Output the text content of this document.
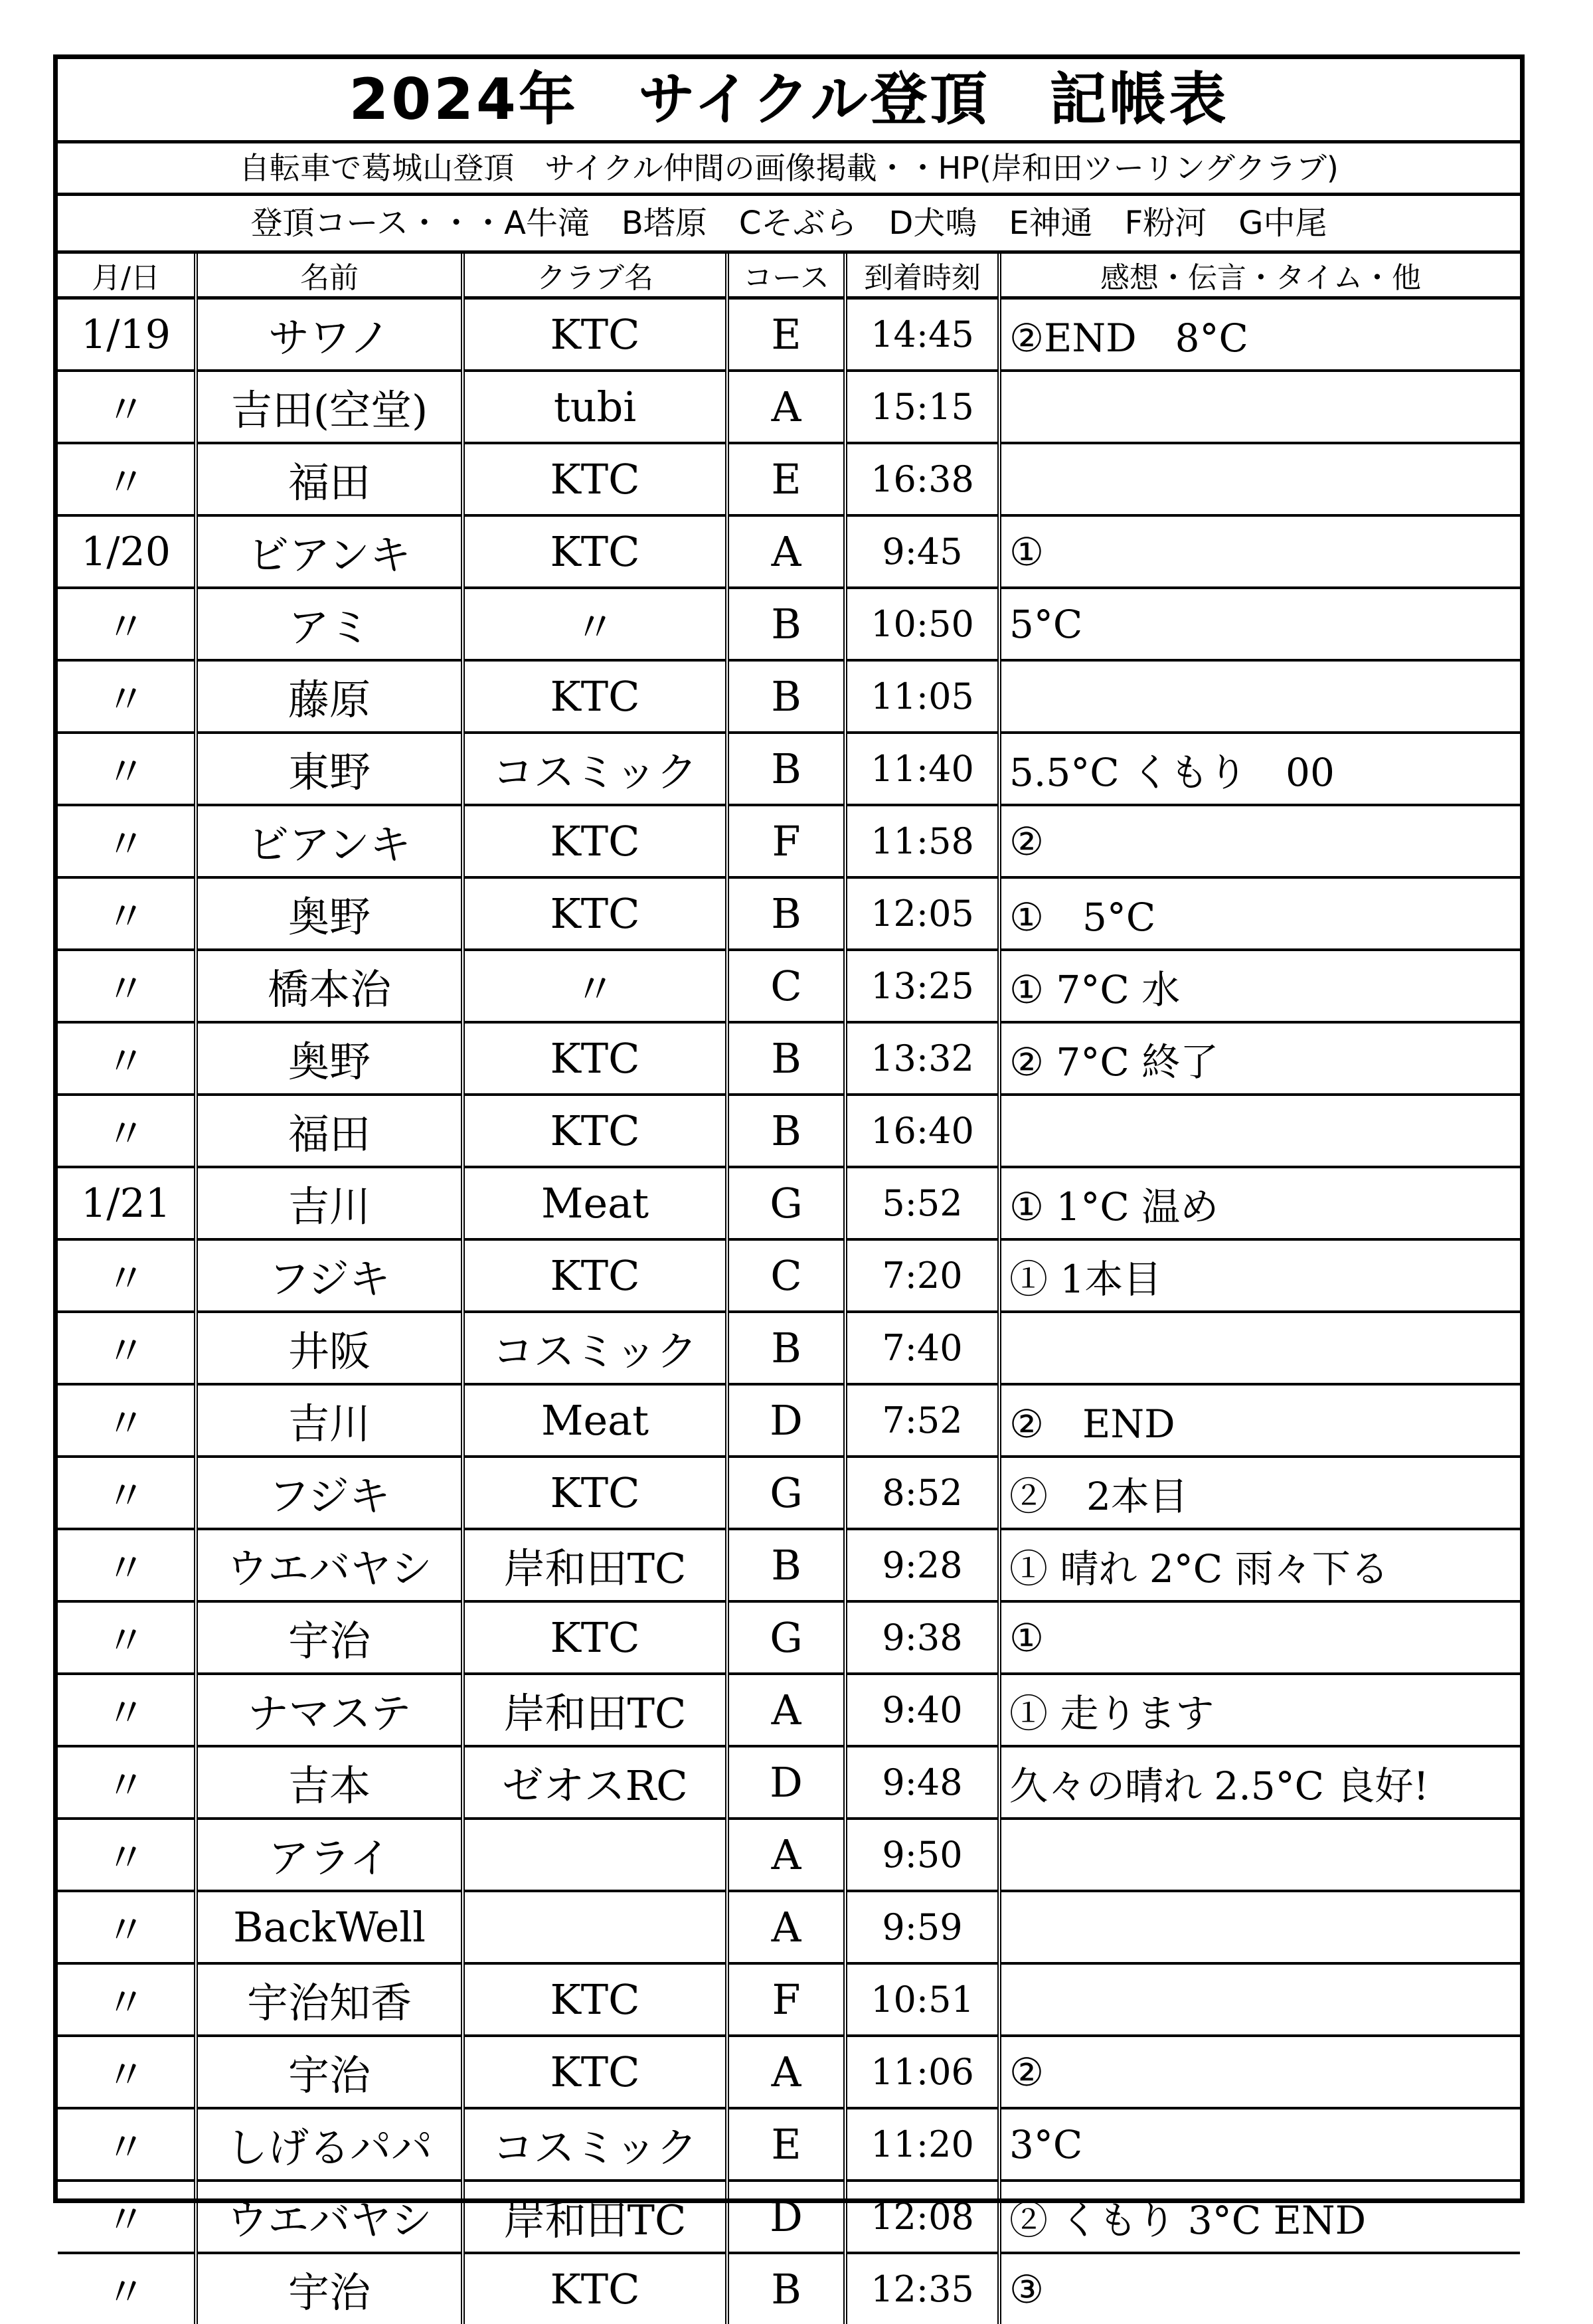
2024年　サイクル登頂　記帳表
自転車で葛城山登頂　サイクル仲間の画像掲載・・HP(岸和田ツーリングクラブ)
登頂コース・・・A牛滝　B塔原　Cそぶら　D犬鳴　E神通　F粉河　G中尾
月/日	名前	クラブ名	コース	到着時刻	感想・伝言・タイム・他
1/19	サワノ	KTC	E	14:45	②END　8°C
〃	吉田(空堂)	tubi	A	15:15	
〃	福田	KTC	E	16:38	
1/20	ビアンキ	KTC	A	9:45	①
〃	アミ	〃	B	10:50	5°C
〃	藤原	KTC	B	11:05	
〃	東野	コスミック	B	11:40	5.5°C くもり　00
〃	ビアンキ	KTC	F	11:58	②
〃	奥野	KTC	B	12:05	①　5°C
〃	橋本治	〃	C	13:25	① 7°C 水
〃	奥野	KTC	B	13:32	② 7°C 終了
〃	福田	KTC	B	16:40	
1/21	吉川	Meat	G	5:52	① 1°C 温め
〃	フジキ	KTC	C	7:20	① 1本目
〃	井阪	コスミック	B	7:40	
〃	吉川	Meat	D	7:52	②　END
〃	フジキ	KTC	G	8:52	②　2本目
〃	ウエバヤシ	岸和田TC	B	9:28	① 晴れ 2°C 雨々下る
〃	宇治	KTC	G	9:38	①
〃	ナマステ	岸和田TC	A	9:40	① 走ります
〃	吉本	ゼオスRC	D	9:48	久々の晴れ 2.5°C 良好!
〃	アライ		A	9:50	
〃	BackWell		A	9:59	
〃	宇治知香	KTC	F	10:51	
〃	宇治	KTC	A	11:06	②
〃	しげるパパ	コスミック	E	11:20	3°C
〃	ウエバヤシ	岸和田TC	D	12:08	② くもり 3°C END
〃	宇治	KTC	B	12:35	③
